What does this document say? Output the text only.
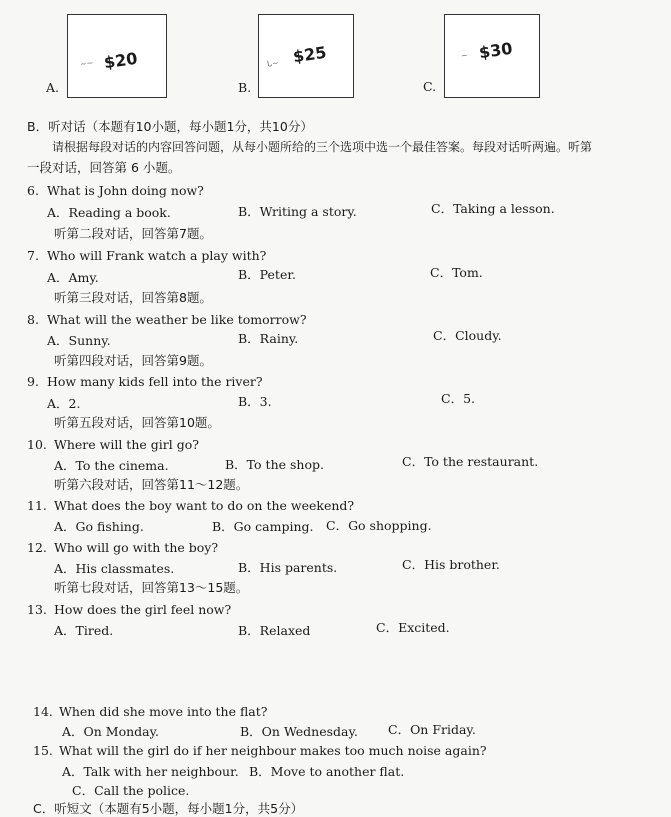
~~ $20
A.
ᒐ~ $25
B.
~ $30
C.
B．听对话（本题有10小题，每小题1分，共10分）
请根据每段对话的内容回答问题，从每小题所给的三个选项中选一个最佳答案。每段对话听两遍。听第
一段对话，回答第 6 小题。
6. What is John doing now?
A．Reading a book.	B．Writing a story.	C．Taking a lesson.
听第二段对话，回答第7题。
7. Who will Frank watch a play with?
A．Amy.	B．Peter.	C．Tom.
听第三段对话，回答第8题。
8. What will the weather be like tomorrow?
A．Sunny.	B．Rainy.	C．Cloudy.
听第四段对话，回答第9题。
9. How many kids fell into the river?
A．2.	B．3.	C．5.
听第五段对话，回答第10题。
10. Where will the girl go?
A．To the cinema.	B．To the shop.	C．To the restaurant.
听第六段对话，回答第11～12题。
11. What does the boy want to do on the weekend?
A．Go fishing.	B．Go camping. C．Go shopping.
12. Who will go with the boy?
A．His classmates.	B．His parents.	C．His brother.
听第七段对话，回答第13～15题。
13. How does the girl feel now?
A．Tired.	B．Relaxed	C．Excited.
14. When did she move into the flat?
A．On Monday.	B．On Wednesday. C．On Friday.
15. What will the girl do if her neighbour makes too much noise again?
A．Talk with her neighbour. B．Move to another flat.
C．Call the police.
C．听短文（本题有5小题，每小题1分，共5分）
